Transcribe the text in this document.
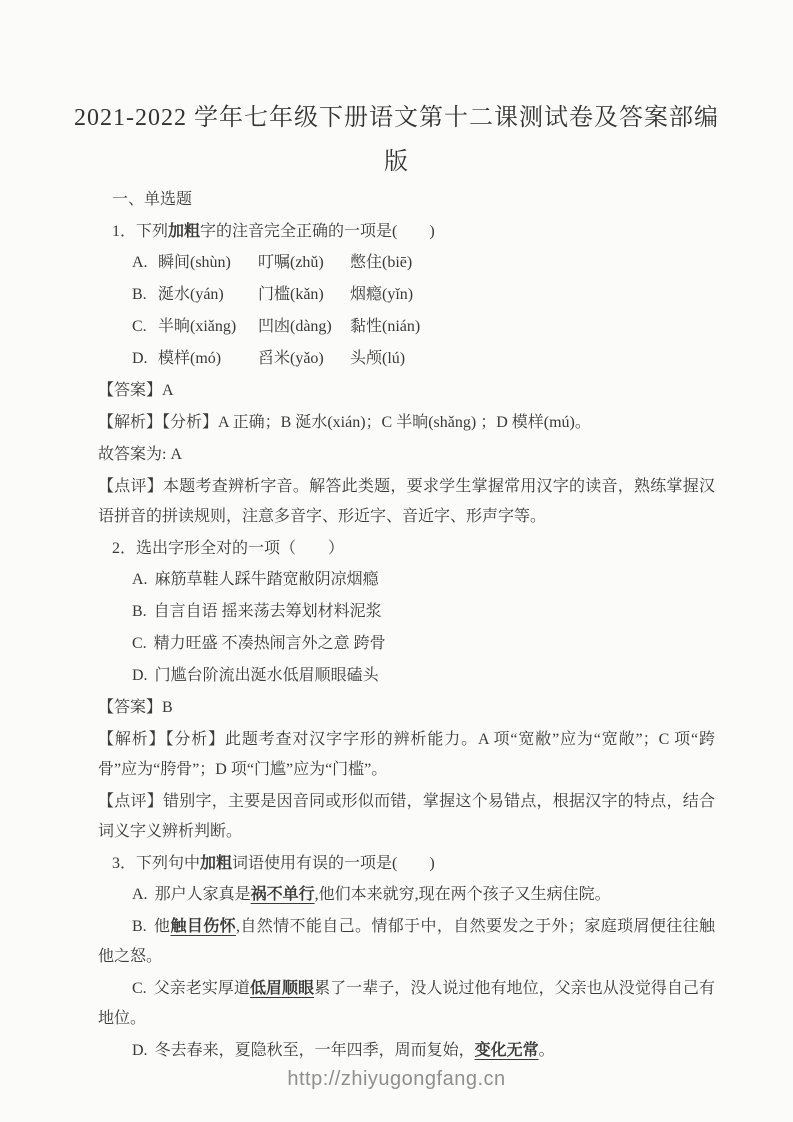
2021-2022 学年七年级下册语文第十二课测试卷及答案部编
版

一、单选题

1．下列加粗字的注音完全正确的一项是(　　)

A. 瞬间(shùn) 叮嘱(zhǔ) 憋住(biē)

B. 涎水(yán) 门槛(kǎn) 烟瘾(yǐn)

C. 半晌(xiǎng) 凹凼(dàng) 黏性(nián)

D. 模样(mó) 舀米(yǎo) 头颅(lú)

【答案】A

【解析】【分析】A 正确；B 涎水(xián)；C 半晌(shǎng) ；D 模样(mú)。

故答案为: A

【点评】本题考查辨析字音。解答此类题，要求学生掌握常用汉字的读音，熟练掌握汉语拼音的拼读规则，注意多音字、形近字、音近字、形声字等。

2．选出字形全对的一项（　　）

A. 麻筋草鞋人踩牛踏宽敝阴凉烟瘾

B. 自言自语 摇来荡去筹划材料泥浆

C. 精力旺盛 不凑热闹言外之意 跨骨

D. 门尴台阶流出涎水低眉顺眼磕头

【答案】B

【解析】【分析】此题考查对汉字字形的辨析能力。A 项“宽敝”应为“宽敞”；C 项“跨骨”应为“胯骨”；D 项“门尴”应为“门槛”。

【点评】错别字，主要是因音同或形似而错，掌握这个易错点，根据汉字的特点，结合词义字义辨析判断。

3．下列句中加粗词语使用有误的一项是(　　)

A. 那户人家真是祸不单行,他们本来就穷,现在两个孩子又生病住院。

B. 他触目伤怀,自然情不能自己。情郁于中，自然要发之于外；家庭琐屑便往往触他之怒。

C. 父亲老实厚道低眉顺眼累了一辈子，没人说过他有地位，父亲也从没觉得自己有地位。

D. 冬去春来，夏隐秋至，一年四季，周而复始，变化无常。

http://zhiyugongfang.cn
